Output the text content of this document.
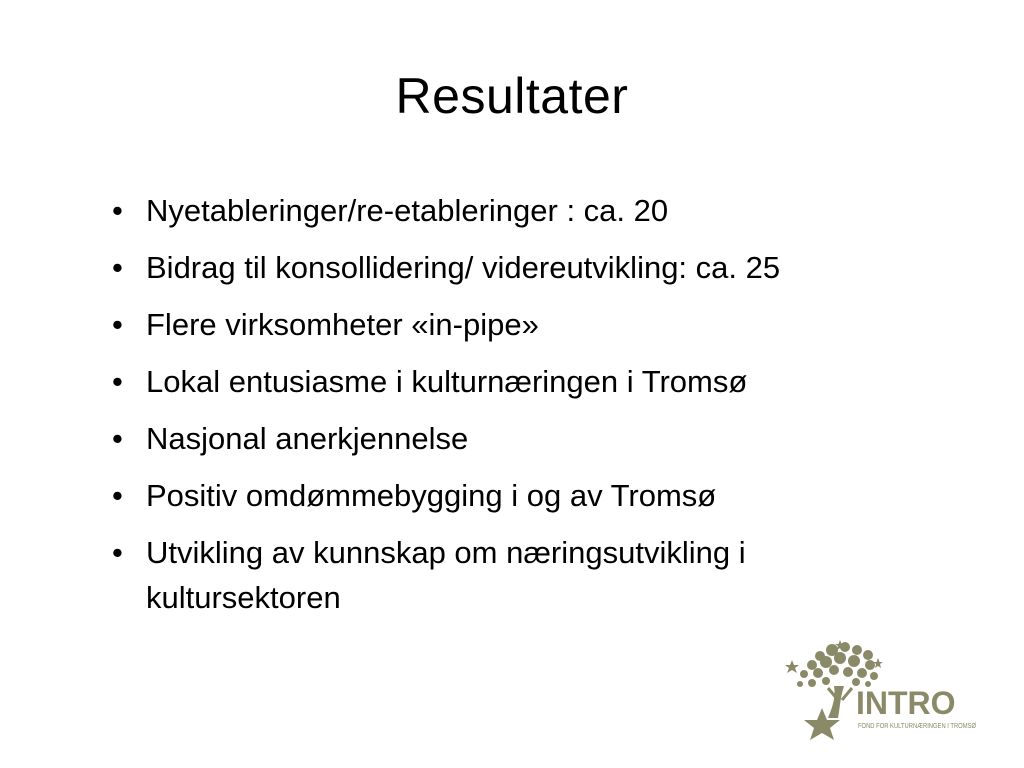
Resultater
• Nyetableringer/re-etableringer : ca. 20
• Bidrag til konsollidering/ videreutvikling: ca. 25
• Flere virksomheter «in-pipe»
• Lokal entusiasme i kulturnæringen i Tromsø
• Nasjonal anerkjennelse
• Positiv omdømmebygging i og av Tromsø
• Utvikling av kunnskap om næringsutvikling i kultursektoren
INTRO
FOND FOR KULTURNÆRINGEN I TROMSØ
